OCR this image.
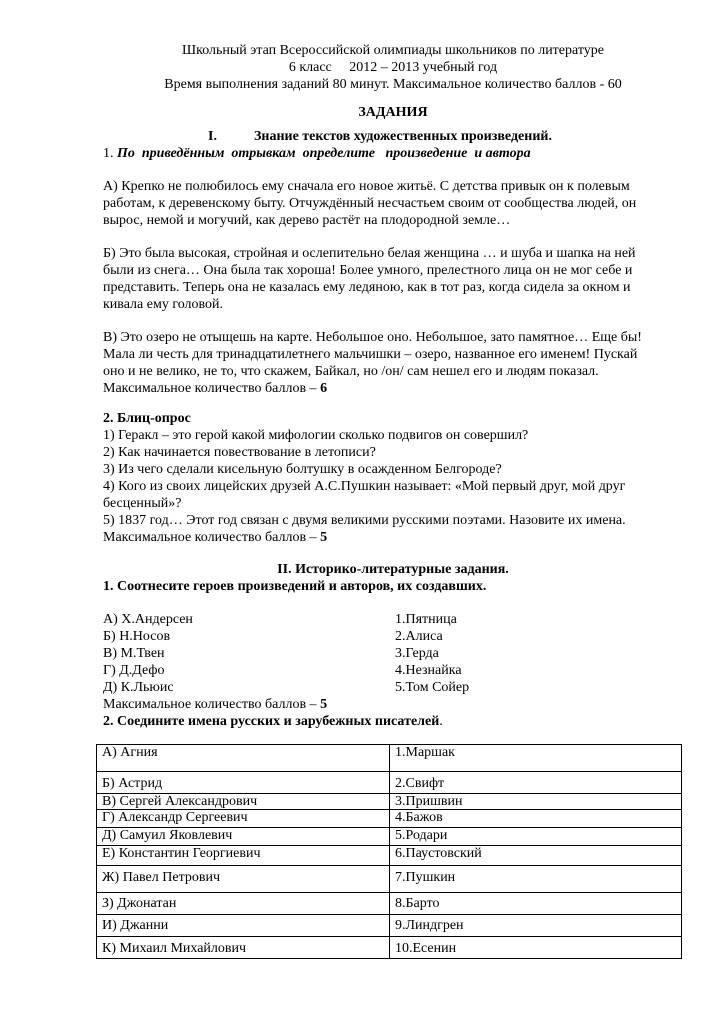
Школьный этап Всероссийской олимпиады школьников по литературе
6 класс     2012 – 2013 учебный год
Время выполнения заданий 80 минут. Максимальное количество баллов - 60
ЗАДАНИЯ
I.	Знание текстов художественных произведений.
1. По  приведённым  отрывкам  определите   произведение  и автора
А) Крепко не полюбилось ему сначала его новое житьё. С детства привык он к полевым
работам, к деревенскому быту. Отчуждённый несчастьем своим от сообщества людей, он
вырос, немой и могучий, как дерево растёт на плодородной земле…
Б) Это была высокая, стройная и ослепительно белая женщина … и шуба и шапка на ней
были из снега… Она была так хороша! Более умного, прелестного лица он не мог себе и
представить. Теперь она не казалась ему ледяною, как в тот раз, когда сидела за окном и
кивала ему головой.
В) Это озеро не отыщешь на карте. Небольшое оно. Небольшое, зато памятное… Еще бы!
Мала ли честь для тринадцатилетнего мальчишки – озеро, названное его именем! Пускай
оно и не велико, не то, что скажем, Байкал, но /он/ сам нешел его и людям показал.
Максимальное количество баллов – 6
2. Блиц-опрос
1) Геракл – это герой какой мифологии сколько подвигов он совершил?
2) Как начинается повествование в летописи?
3) Из чего сделали кисельную болтушку в осажденном Белгороде?
4) Кого из своих лицейских друзей А.С.Пушкин называет: «Мой первый друг, мой друг
бесценный»?
5) 1837 год… Этот год связан с двумя великими русскими поэтами. Назовите их имена.
Максимальное количество баллов – 5
II. Историко-литературные задания.
1. Соотнесите героев произведений и авторов, их создавших.
А) Х.Андерсен	1.Пятница
Б) Н.Носов	2.Алиса
В) М.Твен	3.Герда
Г) Д.Дефо	4.Незнайка
Д) К.Льюис	5.Том Сойер
Максимальное количество баллов – 5
2. Соедините имена русских и зарубежных писателей.
А) Агния	1.Маршак
Б) Астрид	2.Свифт
В) Сергей Александрович	3.Пришвин
Г) Александр Сергеевич	4.Бажов
Д) Самуил Яковлевич	5.Родари
Е) Константин Георгиевич	6.Паустовский
Ж) Павел Петрович	7.Пушкин
З) Джонатан	8.Барто
И) Джанни	9.Линдгрен
К) Михаил Михайлович	10.Есенин
